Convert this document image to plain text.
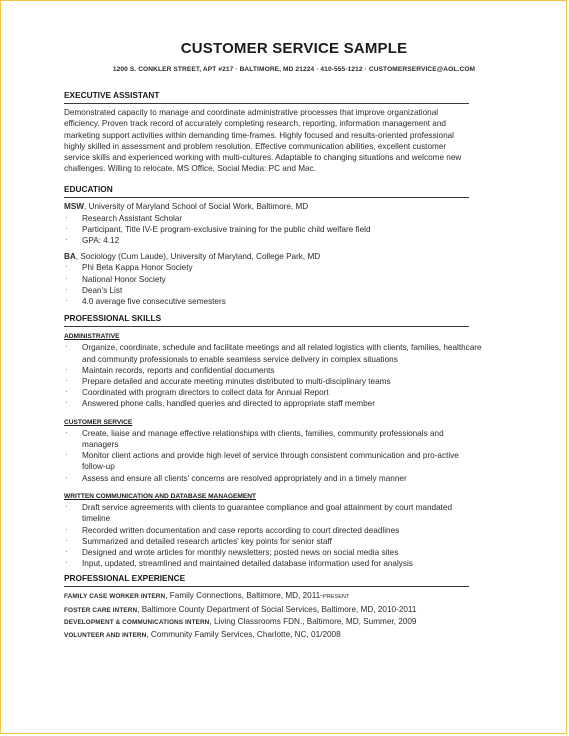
CUSTOMER SERVICE SAMPLE
1200 S. CONKLER STREET, APT #217 · BALTIMORE, MD 21224 · 410-555-1212 · CUSTOMERSERVICE@AOL.COM
EXECUTIVE ASSISTANT
Demonstrated capacity to manage and coordinate administrative processes that improve organizational efficiency. Proven track record of accurately completing research, reporting, information management and marketing support activities within demanding time-frames. Highly focused and results-oriented professional highly skilled in assessment and problem resolution. Effective communication abilities, excellent customer service skills and experienced working with multi-cultures. Adaptable to changing situations and welcome new challenges. Willing to relocate. MS Office, Social Media: PC and Mac.
EDUCATION
MSW, University of Maryland School of Social Work, Baltimore, MD
· Research Assistant Scholar
· Participant, Title IV-E program-exclusive training for the public child welfare field
· GPA: 4.12
BA, Sociology (Cum Laude), University of Maryland, College Park, MD
· Phi Beta Kappa Honor Society
· National Honor Society
· Dean's List
· 4.0 average five consecutive semesters
PROFESSIONAL SKILLS
ADMINISTRATIVE
· Organize, coordinate, schedule and facilitate meetings and all related logistics with clients, families, healthcare and community professionals to enable seamless service delivery in complex situations
· Maintain records, reports and confidential documents
· Prepare detailed and accurate meeting minutes distributed to multi-disciplinary teams
· Coordinated with program directors to collect data for Annual Report
· Answered phone calls, handled queries and directed to appropriate staff member
CUSTOMER SERVICE
· Create, liaise and manage effective relationships with clients, families, community professionals and managers
· Monitor client actions and provide high level of service through consistent communication and pro-active follow-up
· Assess and ensure all clients' concerns are resolved appropriately and in a timely manner
WRITTEN COMMUNICATION AND DATABASE MANAGEMENT
· Draft service agreements with clients to guarantee compliance and goal attainment by court mandated timeline
· Recorded written documentation and case reports according to court directed deadlines
· Summarized and detailed research articles' key points for senior staff
· Designed and wrote articles for monthly newsletters; posted news on social media sites
· Input, updated, streamlined and maintained detailed database information used for analysis
PROFESSIONAL EXPERIENCE
FAMILY CASE WORKER INTERN, Family Connections, Baltimore, MD, 2011-PRESENT
FOSTER CARE INTERN, Baltimore County Department of Social Services, Baltimore, MD, 2010-2011
DEVELOPMENT & COMMUNICATIONS INTERN, Living Classrooms FDN., Baltimore, MD, Summer, 2009
VOLUNTEER AND INTERN, Community Family Services, Charlotte, NC, 01/2008
